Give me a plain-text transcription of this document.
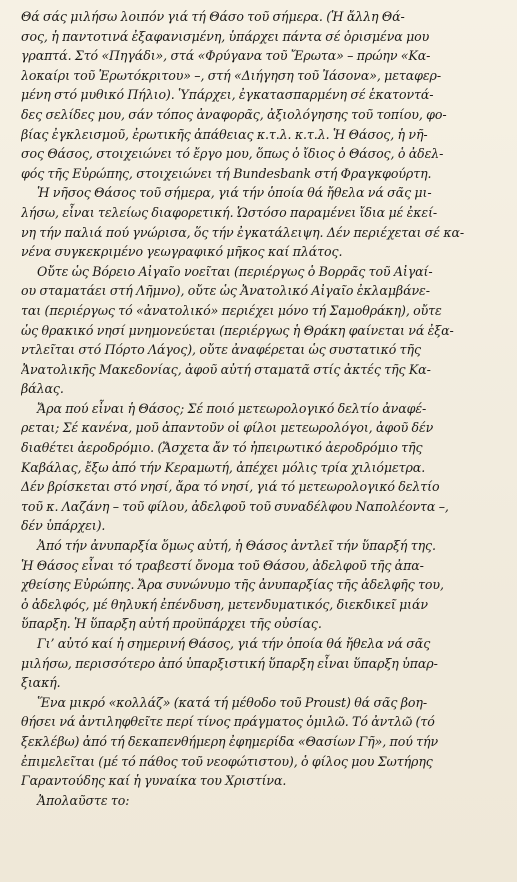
Θά σάς μιλήσω λοιπόν γιά τή Θάσο τοῦ σήμερα. (Ἡ ἄλλη Θά-
σος, ἡ παντοτινά ἐξαφανισμένη, ὑπάρχει πάντα σέ ὁρισμένα μου
γραπτά. Στό «Πηγάδι», στά «Φρύγανα τοῦ Ἔρωτα» – πρώην «Κα-
λοκαίρι τοῦ Ἐρωτόκριτου» –, στή «Διήγηση τοῦ Ἰάσονα», μεταφερ-
μένη στό μυθικό Πήλιο). Ὑπάρχει, ἐγκατασπαρμένη σέ ἑκατοντά-
δες σελίδες μου, σάν τόπος ἀναφορᾶς, ἀξιολόγησης τοῦ τοπίου, φο-
βίας ἐγκλεισμοῦ, ἐρωτικῆς ἀπάθειας κ.τ.λ. κ.τ.λ. Ἡ Θάσος, ἡ νῆ-
σος Θάσος, στοιχειώνει τό ἔργο μου, ὅπως ὁ ἴδιος ὁ Θάσος, ὁ ἀδελ-
φός τῆς Εὐρώπης, στοιχειώνει τή Bundesbank στή Φραγκφούρτη.

Ἡ νῆσος Θάσος τοῦ σήμερα, γιά τήν ὁποία θά ἤθελα νά σᾶς μι-
λήσω, εἶναι τελείως διαφορετική. Ὡστόσο παραμένει ἴδια μέ ἐκεί-
νη τήν παλιά πού γνώρισα, ὅς τήν ἐγκατάλειψη. Δέν περιέχεται σέ κα-
νένα συγκεκριμένο γεωγραφικό μῆκος καί πλάτος.

Οὔτε ὡς Βόρειο Αἰγαῖο νοεῖται (περιέργως ὁ Βορρᾶς τοῦ Αἰγαί-
ου σταματάει στή Λῆμνο), οὔτε ὡς Ἀνατολικό Αἰγαῖο ἐκλαμβάνε-
ται (περιέργως τό «ἀνατολικό» περιέχει μόνο τή Σαμοθράκη), οὔτε
ὡς θρακικό νησί μνημονεύεται (περιέργως ἡ Θράκη φαίνεται νά ἐξα-
ντλεῖται στό Πόρτο Λάγος), οὔτε ἀναφέρεται ὡς συστατικό τῆς
Ἀνατολικῆς Μακεδονίας, ἀφοῦ αὐτή σταματᾶ στίς ἀκτές τῆς Κα-
βάλας.

Ἄρα πού εἶναι ἡ Θάσος; Σέ ποιό μετεωρολογικό δελτίο ἀναφέ-
ρεται; Σέ κανένα, μοῦ ἀπαντοῦν οἱ φίλοι μετεωρολόγοι, ἀφοῦ δέν
διαθέτει ἀεροδρόμιο. (Ἄσχετα ἄν τό ἠπειρωτικό ἀεροδρόμιο τῆς
Καβάλας, ἔξω ἀπό τήν Κεραμωτή, ἀπέχει μόλις τρία χιλιόμετρα.
Δέν βρίσκεται στό νησί, ἄρα τό νησί, γιά τό μετεωρολογικό δελτίο
τοῦ κ. Λαζάνη – τοῦ φίλου, ἀδελφοῦ τοῦ συναδέλφου Ναπολέοντα –,
δέν ὑπάρχει).

Ἀπό τήν ἀνυπαρξία ὅμως αὐτή, ἡ Θάσος ἀντλεῖ τήν ὕπαρξή της.
Ἡ Θάσος εἶναι τό τραβεστί ὄνομα τοῦ Θάσου, ἀδελφοῦ τῆς ἀπα-
χθείσης Εὐρώπης. Ἄρα συνώνυμο τῆς ἀνυπαρξίας τῆς ἀδελφῆς του,
ὁ ἀδελφός, μέ θηλυκή ἐπένδυση, μετενδυματικός, διεκδικεῖ μιάν
ὕπαρξη. Ἡ ὕπαρξη αὐτή προϋπάρχει τῆς οὐσίας.

Γι’ αὐτό καί ἡ σημερινή Θάσος, γιά τήν ὁποία θά ἤθελα νά σᾶς
μιλήσω, περισσότερο ἀπό ὑπαρξιστική ὕπαρξη εἶναι ὕπαρξη ὑπαρ-
ξιακή.

Ἕνα μικρό «κολλάζ» (κατά τή μέθοδο τοῦ Proust) θά σᾶς βοη-
θήσει νά ἀντιληφθεῖτε περί τίνος πράγματος ὁμιλῶ. Τό ἀντλῶ (τό
ξεκλέβω) ἀπό τή δεκαπενθήμερη ἐφημερίδα «Θασίων Γῆ», πού τήν
ἐπιμελεῖται (μέ τό πάθος τοῦ νεοφώτιστου), ὁ φίλος μου Σωτήρης
Γαραντούδης καί ἡ γυναίκα του Χριστίνα.

Ἀπολαῦστε το:
